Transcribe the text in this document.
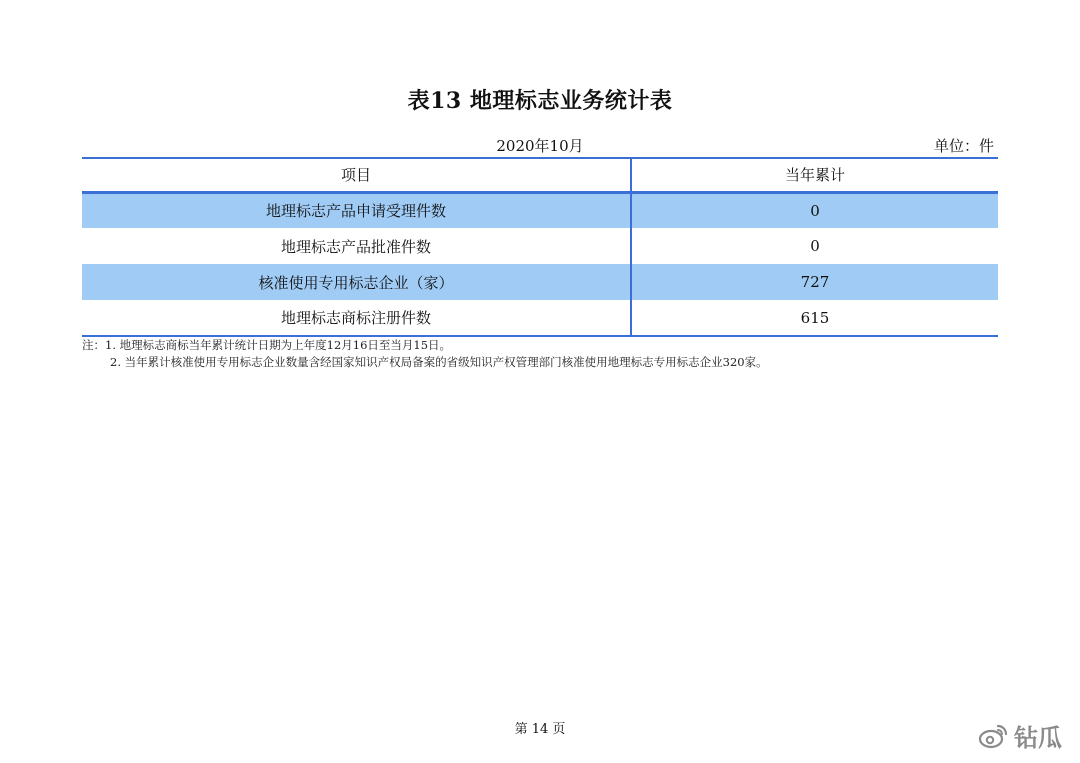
表13 地理标志业务统计表
2020年10月	单位：件
项目	当年累计
地理标志产品申请受理件数	0
地理标志产品批准件数	0
核准使用专用标志企业（家）	727
地理标志商标注册件数	615
注：1. 地理标志商标当年累计统计日期为上年度12月16日至当月15日。
2. 当年累计核准使用专用标志企业数量含经国家知识产权局备案的省级知识产权管理部门核准使用地理标志专用标志企业320家。
第 14 页	钻瓜
